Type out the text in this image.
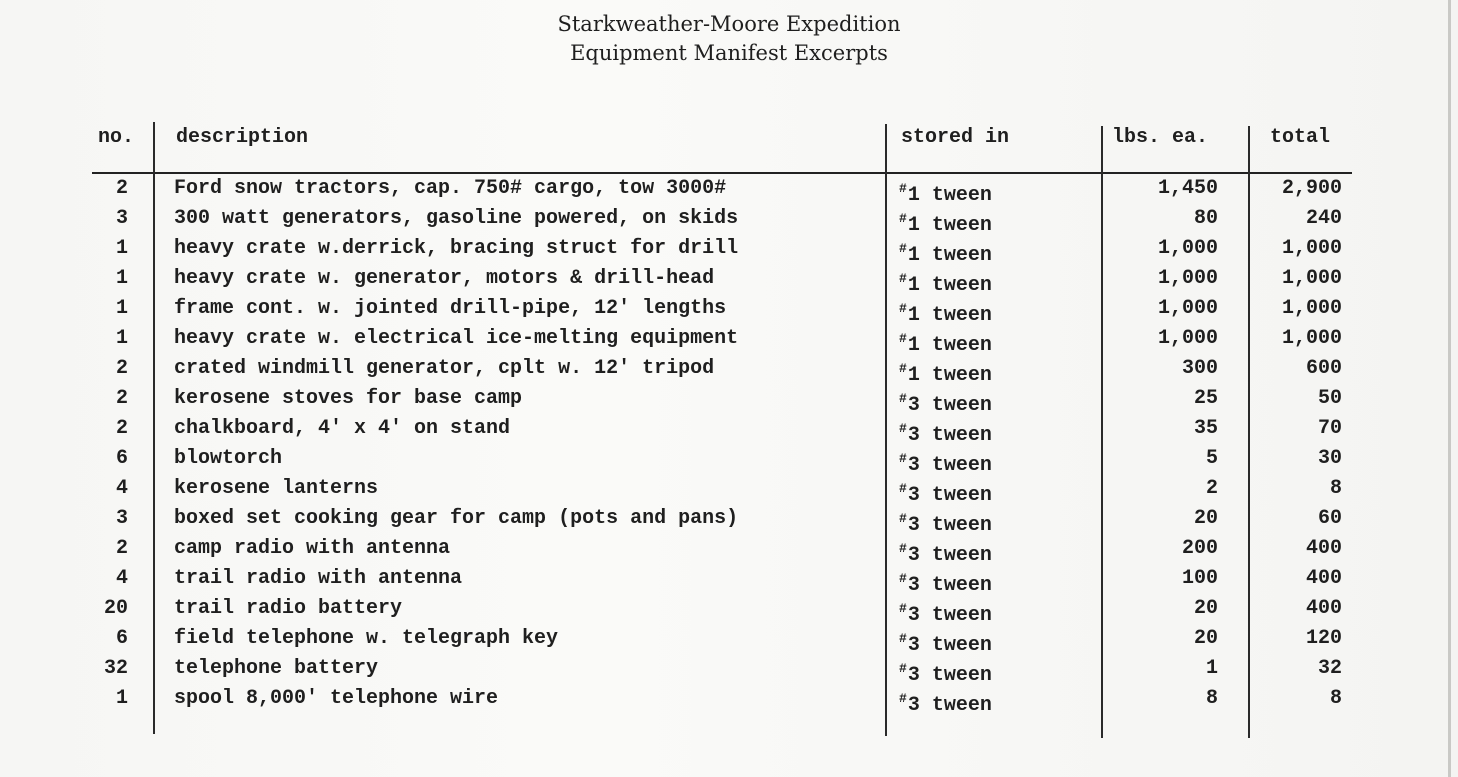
Starkweather-Moore Expedition
Equipment Manifest Excerpts
no. description	stored in	lbs. ea.	total
2 Ford snow tractors, cap. 750# cargo, tow 3000#	#1 tween	1,450	2,900
3 300 watt generators, gasoline powered, on skids	#1 tween	80	240
1 heavy crate w.derrick, bracing struct for drill	#1 tween	1,000	1,000
1 heavy crate w. generator, motors & drill-head	#1 tween	1,000	1,000
1 frame cont. w. jointed drill-pipe, 12' lengths	#1 tween	1,000	1,000
1 heavy crate w. electrical ice-melting equipment	#1 tween	1,000	1,000
2 crated windmill generator, cplt w. 12' tripod	#1 tween	300	600
2 kerosene stoves for base camp	#3 tween	25	50
2 chalkboard, 4' x 4' on stand	#3 tween	35	70
6 blowtorch	#3 tween	5	30
4 kerosene lanterns	#3 tween	2	8
3 boxed set cooking gear for camp (pots and pans)	#3 tween	20	60
2 camp radio with antenna	#3 tween	200	400
4 trail radio with antenna	#3 tween	100	400
20 trail radio battery	#3 tween	20	400
6 field telephone w. telegraph key	#3 tween	20	120
32 telephone battery	#3 tween	1	32
1 spool 8,000' telephone wire	#3 tween	8	8
